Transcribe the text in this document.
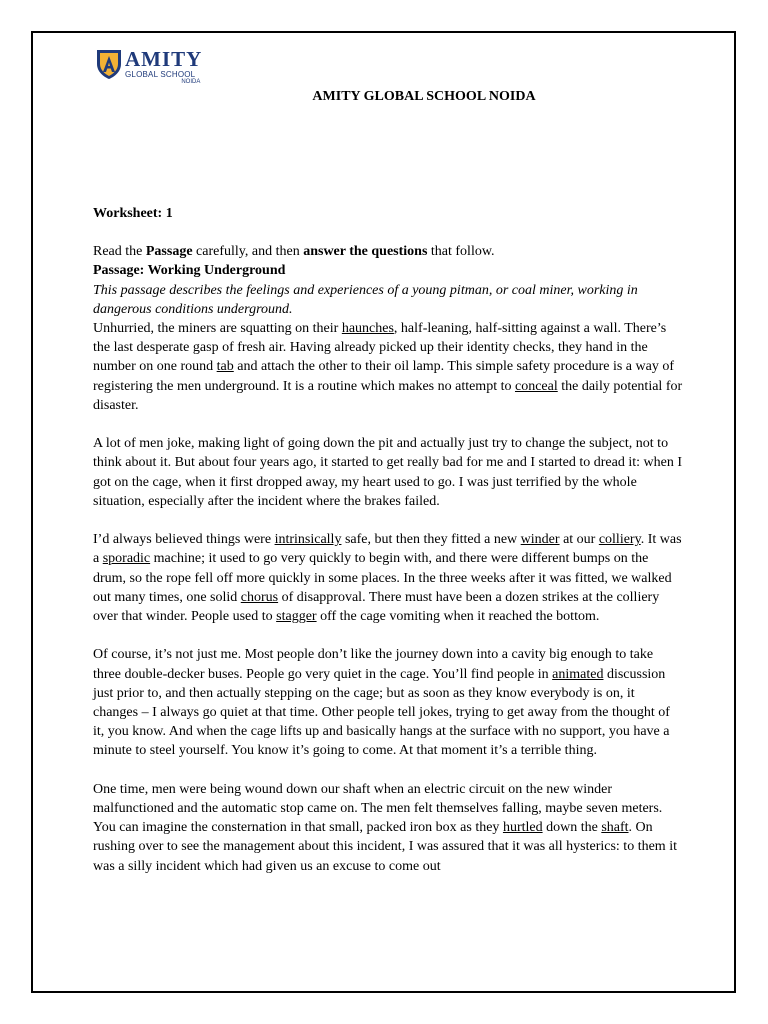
AMITY
GLOBAL SCHOOL
NOIDA
AMITY GLOBAL SCHOOL NOIDA

Worksheet: 1

Read the Passage carefully, and then answer the questions that follow.

Passage: Working Underground

This passage describes the feelings and experiences of a young pitman, or coal miner, working in dangerous conditions underground.

Unhurried, the miners are squatting on their haunches, half-leaning, half-sitting against a wall. There’s the last desperate gasp of fresh air. Having already picked up their identity checks, they hand in the number on one round tab and attach the other to their oil lamp. This simple safety procedure is a way of registering the men underground. It is a routine which makes no attempt to conceal the daily potential for disaster.

A lot of men joke, making light of going down the pit and actually just try to change the subject, not to think about it. But about four years ago, it started to get really bad for me and I started to dread it: when I got on the cage, when it first dropped away, my heart used to go. I was just terrified by the whole situation, especially after the incident where the brakes failed.

I’d always believed things were intrinsically safe, but then they fitted a new winder at our colliery. It was a sporadic machine; it used to go very quickly to begin with, and there were different bumps on the drum, so the rope fell off more quickly in some places. In the three weeks after it was fitted, we walked out many times, one solid chorus of disapproval. There must have been a dozen strikes at the colliery over that winder. People used to stagger off the cage vomiting when it reached the bottom.

Of course, it’s not just me. Most people don’t like the journey down into a cavity big enough to take three double-decker buses. People go very quiet in the cage. You’ll find people in animated discussion just prior to, and then actually stepping on the cage; but as soon as they know everybody is on, it changes – I always go quiet at that time. Other people tell jokes, trying to get away from the thought of it, you know. And when the cage lifts up and basically hangs at the surface with no support, you have a minute to steel yourself. You know it’s going to come. At that moment it’s a terrible thing.

One time, men were being wound down our shaft when an electric circuit on the new winder malfunctioned and the automatic stop came on. The men felt themselves falling, maybe seven meters. You can imagine the consternation in that small, packed iron box as they hurtled down the shaft. On rushing over to see the management about this incident, I was assured that it was all hysterics: to them it was a silly incident which had given us an excuse to come out
